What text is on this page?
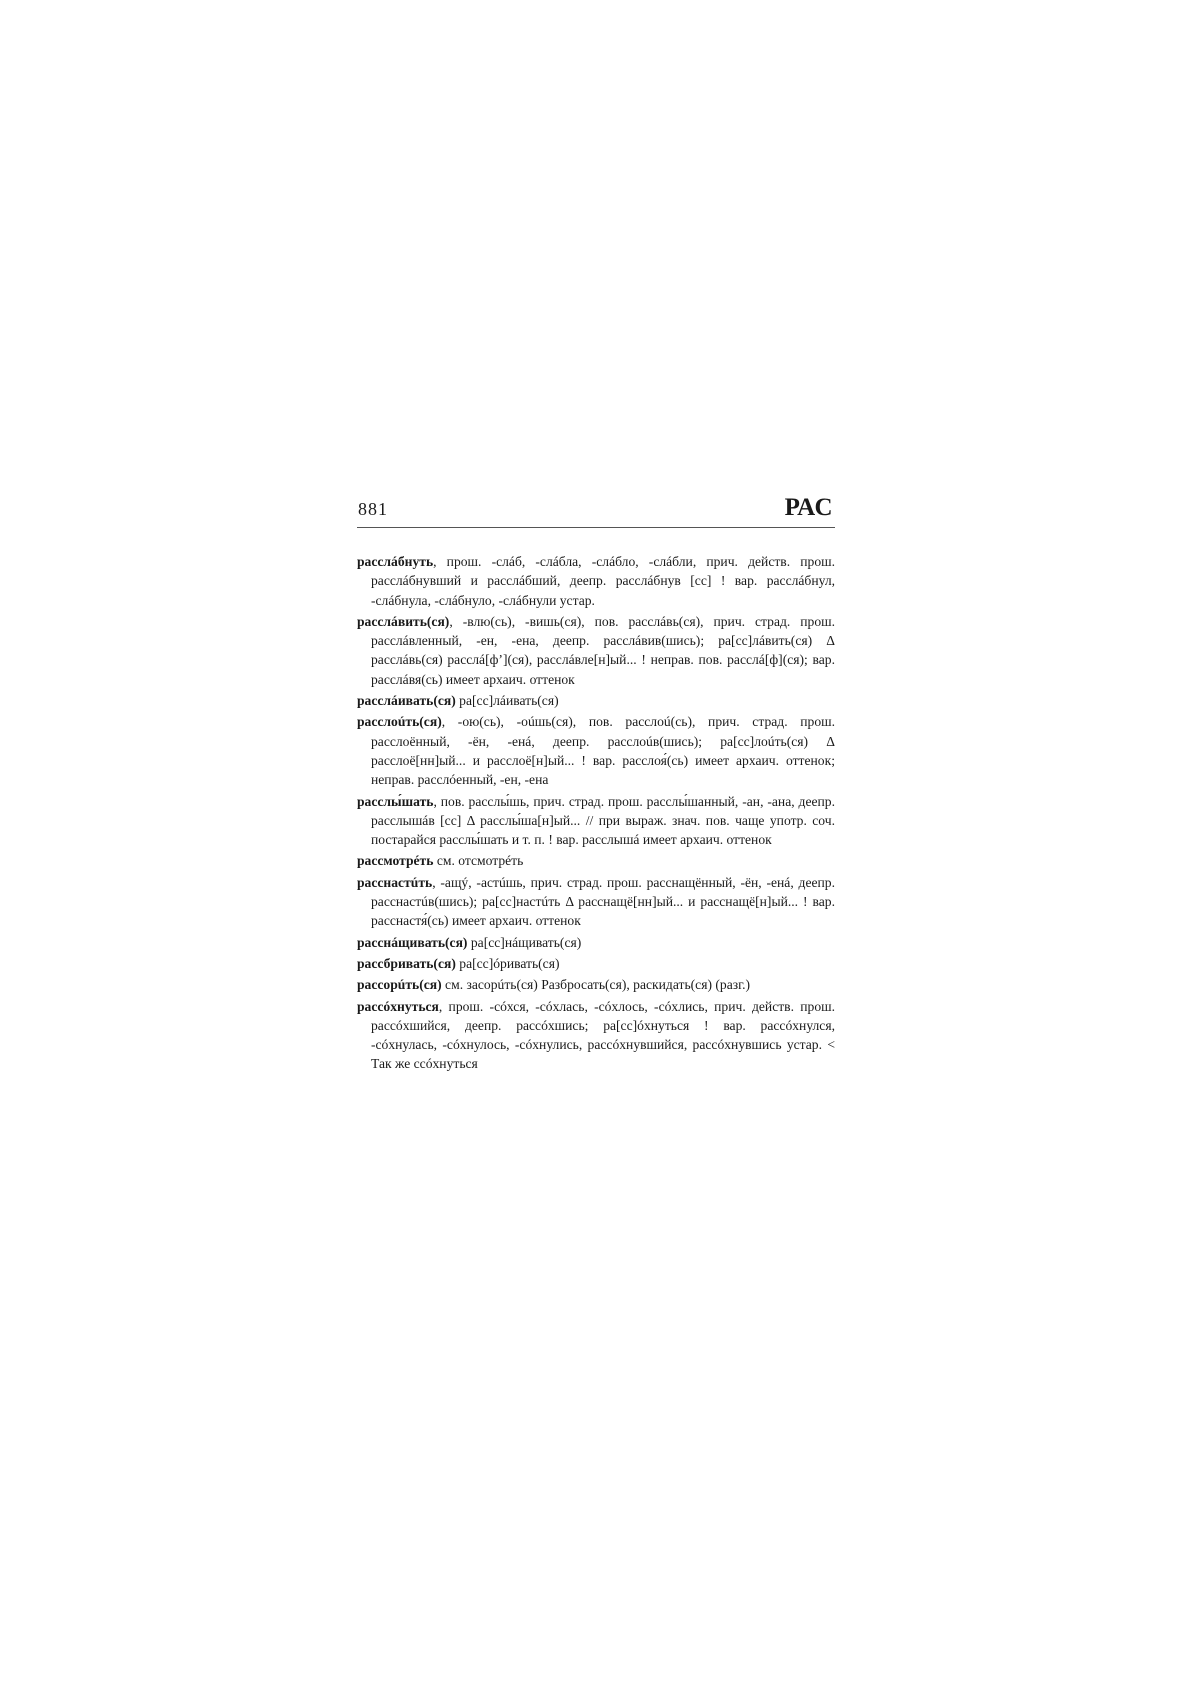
881	РАС

расслáбнуть, прош. -слáб, -слáбла, -слáбло, -слáбли, прич. действ. прош. расслáбнувший и расслáбший, деепр. расслáбнув [сс] ! вар. расслáбнул, -слáбнула, -слáбнуло, -слáбнули устар.

расслáвить(ся), -влю(сь), -вишь(ся), пов. расслáвь(ся), прич. страд. прош. расслáвленный, -ен, -ена, деепр. расслáвив(шись); ра[сс]лáвить(ся) Δ расслáвь(ся) расслá[ф’](ся), расслáвле[н]ый... ! неправ. пов. расслá[ф](ся); вар. расслáвя(сь) имеет архаич. оттенок

расслáивать(ся) ра[сс]лáивать(ся)

расслоúть(ся), -ою(сь), -оúшь(ся), пов. расслоú(сь), прич. страд. прош. расслоённый, -ён, -енá, деепр. расслоúв(шись); ра[сс]лоúть(ся) Δ расслоё[нн]ый... и расслоё[н]ый... ! вар. расслоя́(сь) имеет архаич. оттенок; неправ. расслóенный, -ен, -ена

расслы́шать, пов. расслы́шь, прич. страд. прош. расслы́шанный, -ан, -ана, деепр. расслышáв [сс] Δ расслы́ша[н]ый... // при выраж. знач. пов. чаще употр. соч. постарайся расслы́шать и т. п. ! вар. расслышá имеет архаич. оттенок

рассмотрéть см. отсмотрéть

расснастúть, -ащý, -астúшь, прич. страд. прош. расснащённый, -ён, -енá, деепр. расснастúв(шись); ра[сс]настúть Δ расснащё[нн]ый... и расснащё[н]ый... ! вар. расснастя́(сь) имеет архаич. оттенок

расснáщивать(ся) ра[сс]нáщивать(ся)

рассбривать(ся) ра[сс]óривать(ся)

рассорúть(ся) см. засорúть(ся) Разбросать(ся), раскидать(ся) (разг.)

рассóхнуться, прош. -сóхся, -сóхлась, -сóхлось, -сóхлись, прич. действ. прош. рассóхшийся, деепр. рассóхшись; ра[сс]óхнуться ! вар. рассóхнулся, -сóхнулась, -сóхнулось, -сóхнулись, рассóхнувшийся, рассóхнувшись устар. < Так же ссóхнуться
